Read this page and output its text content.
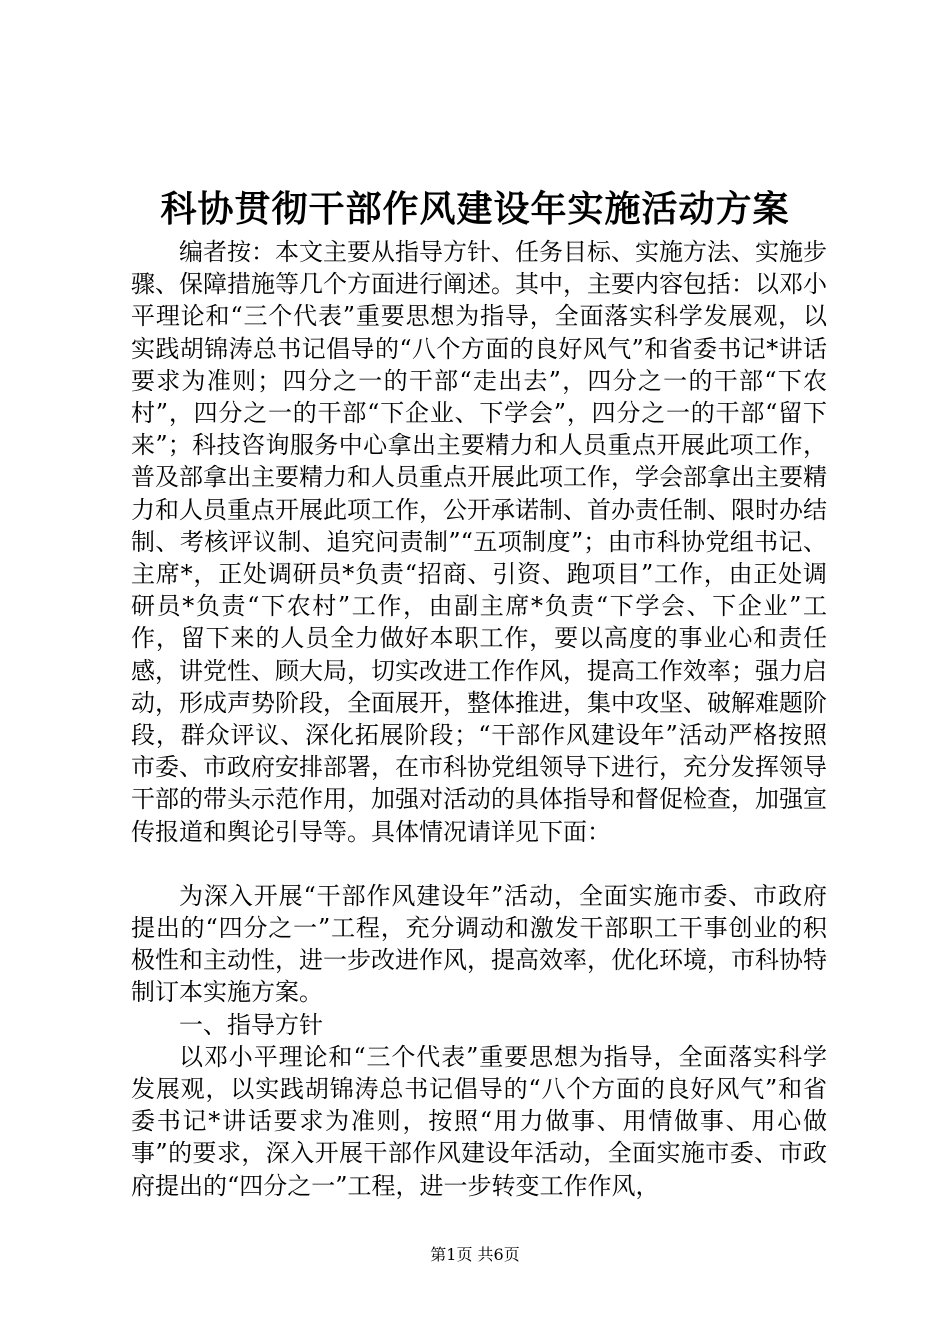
科协贯彻干部作风建设年实施活动方案

编者按：本文主要从指导方针、任务目标、实施方法、实施步骤、保障措施等几个方面进行阐述。其中，主要内容包括：以邓小平理论和“三个代表”重要思想为指导，全面落实科学发展观，以实践胡锦涛总书记倡导的“八个方面的良好风气”和省委书记*讲话要求为准则；四分之一的干部“走出去”，四分之一的干部“下农村”，四分之一的干部“下企业、下学会”，四分之一的干部“留下来”；科技咨询服务中心拿出主要精力和人员重点开展此项工作，普及部拿出主要精力和人员重点开展此项工作，学会部拿出主要精力和人员重点开展此项工作，公开承诺制、首办责任制、限时办结制、考核评议制、追究问责制”“五项制度”；由市科协党组书记、主席*，正处调研员*负责“招商、引资、跑项目”工作，由正处调研员*负责“下农村”工作，由副主席*负责“下学会、下企业”工作，留下来的人员全力做好本职工作，要以高度的事业心和责任感，讲党性、顾大局，切实改进工作作风，提高工作效率；强力启动，形成声势阶段，全面展开，整体推进，集中攻坚、破解难题阶段，群众评议、深化拓展阶段；“干部作风建设年”活动严格按照市委、市政府安排部署，在市科协党组领导下进行，充分发挥领导干部的带头示范作用，加强对活动的具体指导和督促检查，加强宣传报道和舆论引导等。具体情况请详见下面：

为深入开展“干部作风建设年”活动，全面实施市委、市政府提出的“四分之一”工程，充分调动和激发干部职工干事创业的积极性和主动性，进一步改进作风，提高效率，优化环境，市科协特制订本实施方案。

一、指导方针

以邓小平理论和“三个代表”重要思想为指导，全面落实科学发展观，以实践胡锦涛总书记倡导的“八个方面的良好风气”和省委书记*讲话要求为准则，按照“用力做事、用情做事、用心做事”的要求，深入开展干部作风建设年活动，全面实施市委、市政府提出的“四分之一”工程，进一步转变工作作风，

第1页 共6页
